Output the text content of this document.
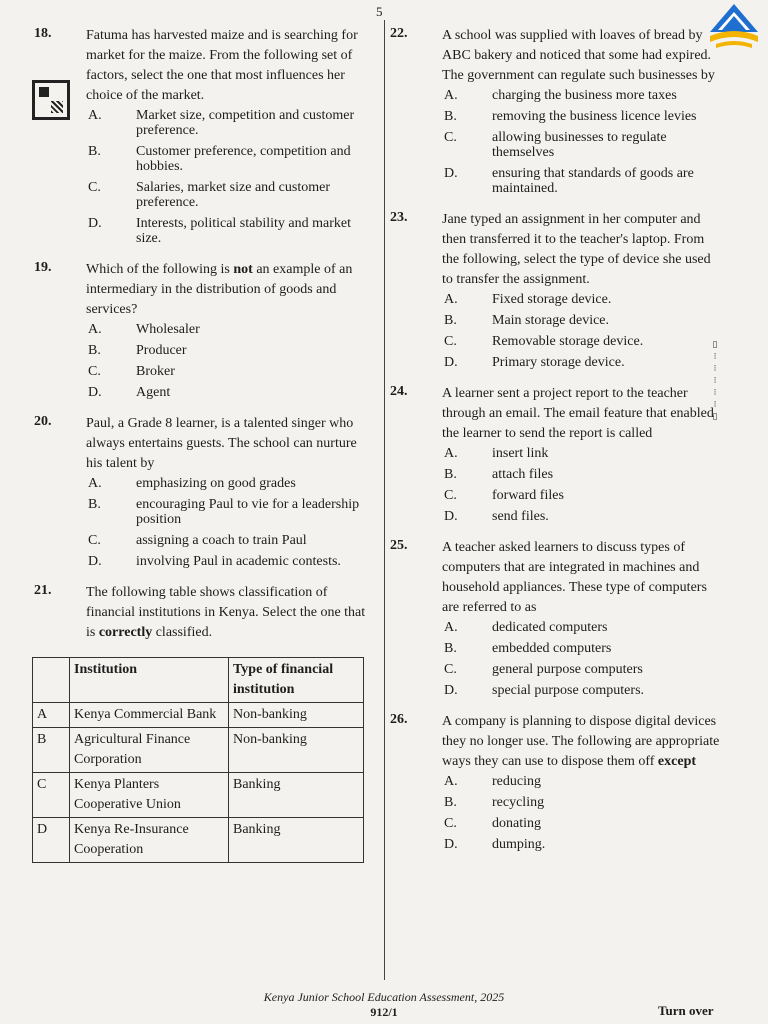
5
▯
⁝
⁝
⁝
⁝
⁝
▯
18. Fatuma has harvested maize and is searching for market for the maize. From the following set of factors, select the one that most influences her choice of the market.
A. Market size, competition and customer preference.
B.	Customer preference, competition and hobbies.
C.	Salaries, market size and customer preference.
D. Interests, political stability and market size.
19. Which of the following is not an example of an intermediary in the distribution of goods and services?
A. Wholesaler
B.	Producer
C.	Broker
D. Agent
20. Paul, a Grade 8 learner, is a talented singer who always entertains guests. The school can nurture his talent by
A. emphasizing on good grades
B.	encouraging Paul to vie for a leadership position
C.	assigning a coach to train Paul
D. involving Paul in academic contests.
21. The following table shows classification of financial institutions in Kenya. Select the one that is correctly classified.
	Institution	Type of financial institution
A	Kenya Commercial Bank	Non-banking
B	Agricultural Finance Corporation	Non-banking
C	Kenya Planters Cooperative Union	Banking
D	Kenya Re-Insurance Cooperation	Banking
22. A school was supplied with loaves of bread by ABC bakery and noticed that some had expired. The government can regulate such businesses by
A. charging the business more taxes
B.	removing the business licence levies
C.	allowing businesses to regulate themselves
D. ensuring that standards of goods are maintained.
23. Jane typed an assignment in her computer and then transferred it to the teacher's laptop. From the following, select the type of device she used to transfer the assignment.
A. Fixed storage device.
B.	Main storage device.
C.	Removable storage device.
D. Primary storage device.
24. A learner sent a project report to the teacher through an email. The email feature that enabled the learner to send the report is called
A. insert link
B.	attach files
C.	forward files
D. send files.
25. A teacher asked learners to discuss types of computers that are integrated in machines and household appliances. These type of computers are referred to as
A. dedicated computers
B.	embedded computers
C.	general purpose computers
D. special purpose computers.
26. A company is planning to dispose digital devices they no longer use. The following are appropriate ways they can use to dispose them off except
A. reducing
B.	recycling
C.	donating
D. dumping.
Kenya Junior School Education Assessment, 2025
912/1	Turn over
